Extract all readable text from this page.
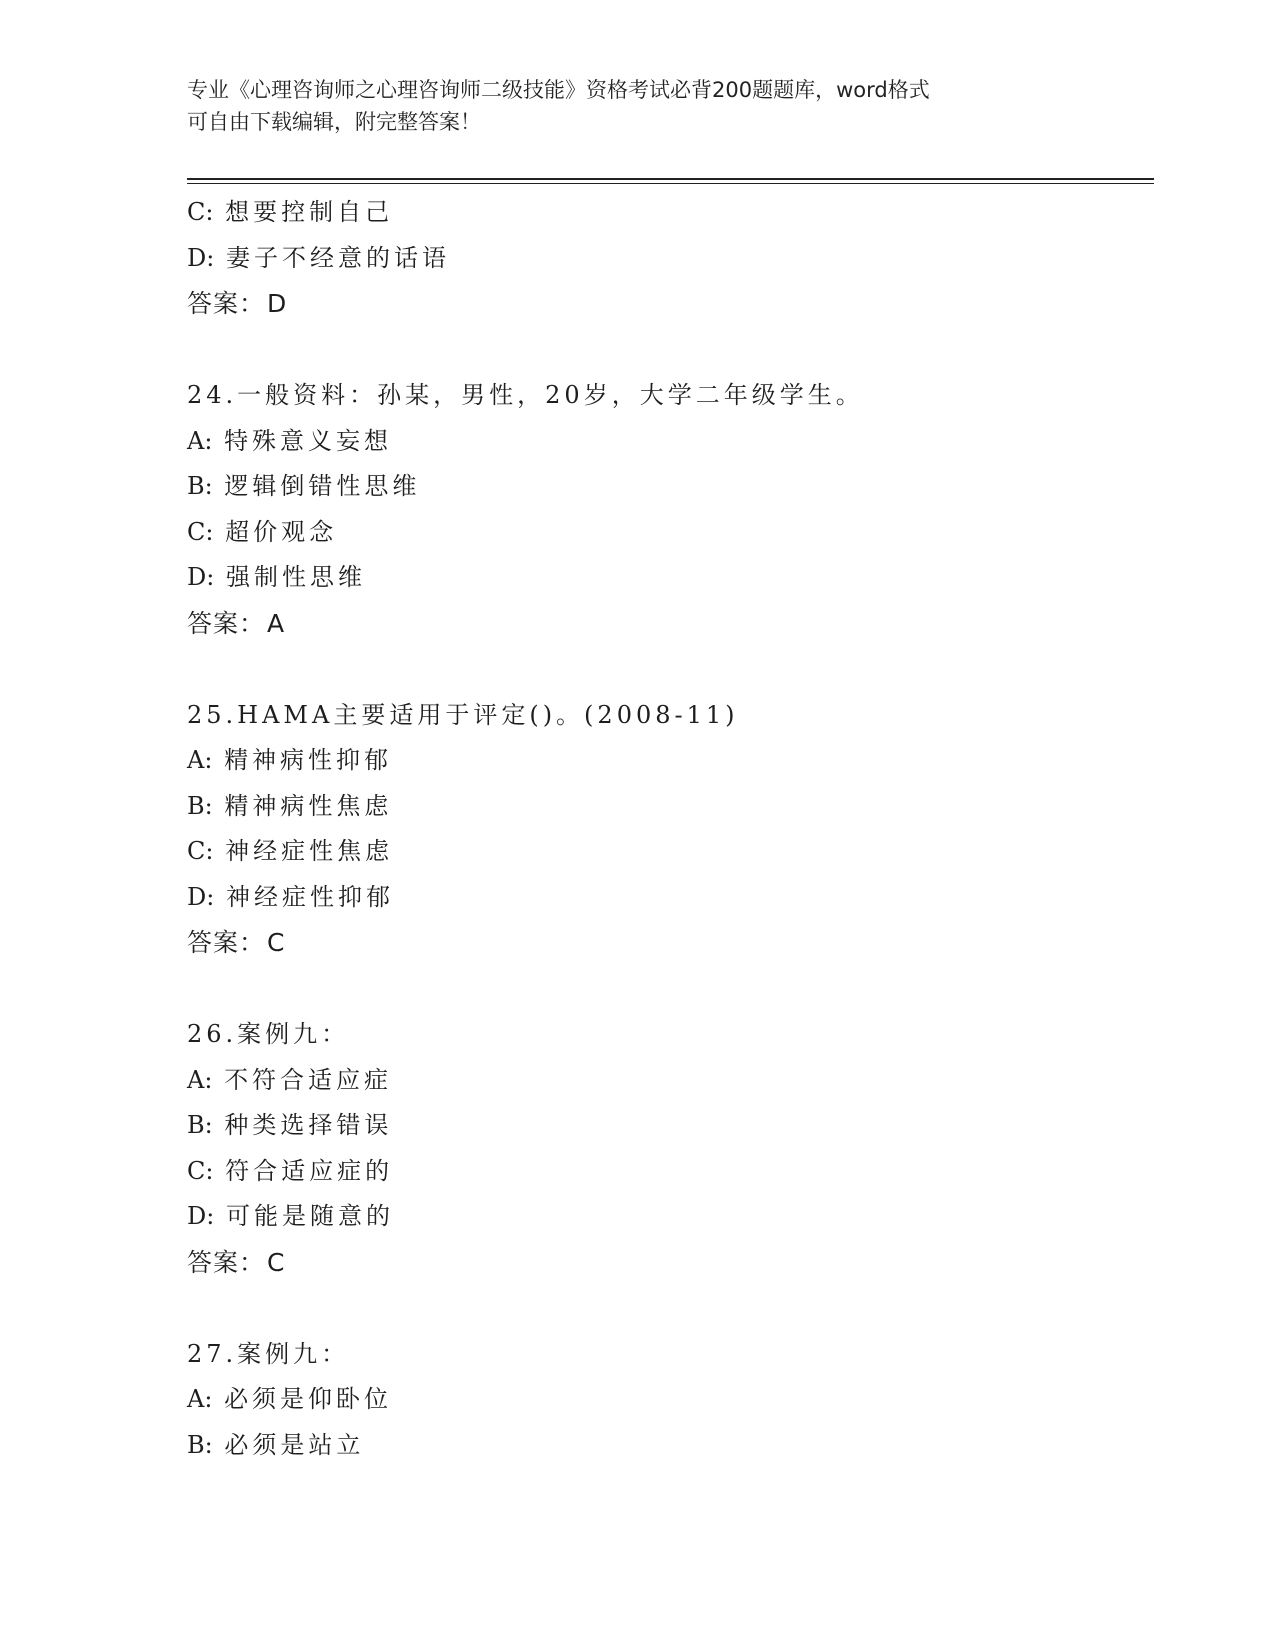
专业《心理咨询师之心理咨询师二级技能》资格考试必背200题题库，word格式
可自由下载编辑，附完整答案！
C: 想要控制自己
D: 妻子不经意的话语
答案：D
24.一般资料：孙某，男性，20岁，大学二年级学生。
A: 特殊意义妄想
B: 逻辑倒错性思维
C: 超价观念
D: 强制性思维
答案：A
25.HAMA主要适用于评定()。(2008-11)
A: 精神病性抑郁
B: 精神病性焦虑
C: 神经症性焦虑
D: 神经症性抑郁
答案：C
26.案例九：
A: 不符合适应症
B: 种类选择错误
C: 符合适应症的
D: 可能是随意的
答案：C
27.案例九：
A: 必须是仰卧位
B: 必须是站立
